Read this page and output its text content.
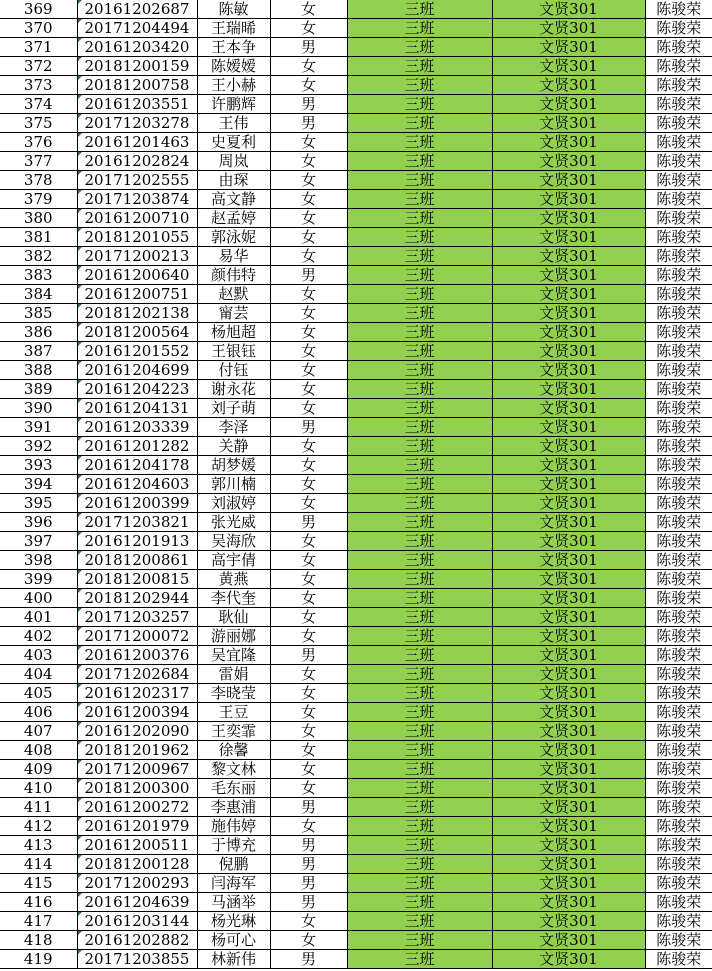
369	20161202687	陈敏	女	三班	文贤301	陈骏荣
370	20171204494	王瑞晞	女	三班	文贤301	陈骏荣
371	20161203420	王本争	男	三班	文贤301	陈骏荣
372	20181200159	陈嫒嫒	女	三班	文贤301	陈骏荣
373	20181200758	王小赫	女	三班	文贤301	陈骏荣
374	20161203551	许鹏辉	男	三班	文贤301	陈骏荣
375	20171203278	王伟	男	三班	文贤301	陈骏荣
376	20161201463	史夏利	女	三班	文贤301	陈骏荣
377	20161202824	周岚	女	三班	文贤301	陈骏荣
378	20171202555	由琛	女	三班	文贤301	陈骏荣
379	20171203874	高文静	女	三班	文贤301	陈骏荣
380	20161200710	赵孟婷	女	三班	文贤301	陈骏荣
381	20181201055	郭泳妮	女	三班	文贤301	陈骏荣
382	20171200213	易华	女	三班	文贤301	陈骏荣
383	20161200640	颜伟特	男	三班	文贤301	陈骏荣
384	20161200751	赵默	女	三班	文贤301	陈骏荣
385	20181202138	甯芸	女	三班	文贤301	陈骏荣
386	20181200564	杨旭超	女	三班	文贤301	陈骏荣
387	20161201552	王银钰	女	三班	文贤301	陈骏荣
388	20161204699	付钰	女	三班	文贤301	陈骏荣
389	20161204223	谢永花	女	三班	文贤301	陈骏荣
390	20161204131	刘子萌	女	三班	文贤301	陈骏荣
391	20161203339	李泽	男	三班	文贤301	陈骏荣
392	20161201282	关静	女	三班	文贤301	陈骏荣
393	20161204178	胡梦媛	女	三班	文贤301	陈骏荣
394	20161204603	郭川楠	女	三班	文贤301	陈骏荣
395	20161200399	刘淑婷	女	三班	文贤301	陈骏荣
396	20171203821	张光威	男	三班	文贤301	陈骏荣
397	20161201913	吴海欣	女	三班	文贤301	陈骏荣
398	20181200861	高宇倩	女	三班	文贤301	陈骏荣
399	20181200815	黄燕	女	三班	文贤301	陈骏荣
400	20181202944	李代奎	女	三班	文贤301	陈骏荣
401	20171203257	耿仙	女	三班	文贤301	陈骏荣
402	20171200072	游丽娜	女	三班	文贤301	陈骏荣
403	20161200376	吴宜隆	男	三班	文贤301	陈骏荣
404	20171202684	雷娟	女	三班	文贤301	陈骏荣
405	20161202317	李晓莹	女	三班	文贤301	陈骏荣
406	20161200394	王豆	女	三班	文贤301	陈骏荣
407	20161202090	王奕霏	女	三班	文贤301	陈骏荣
408	20181201962	徐馨	女	三班	文贤301	陈骏荣
409	20171200967	黎文林	女	三班	文贤301	陈骏荣
410	20181200300	毛东丽	女	三班	文贤301	陈骏荣
411	20161200272	李惠浦	男	三班	文贤301	陈骏荣
412	20161201979	施伟婷	女	三班	文贤301	陈骏荣
413	20161200511	于博充	男	三班	文贤301	陈骏荣
414	20181200128	倪鹏	男	三班	文贤301	陈骏荣
415	20171200293	闫海军	男	三班	文贤301	陈骏荣
416	20161204639	马涵举	男	三班	文贤301	陈骏荣
417	20161203144	杨光琳	女	三班	文贤301	陈骏荣
418	20161202882	杨可心	女	三班	文贤301	陈骏荣
419	20171203855	林新伟	男	三班	文贤301	陈骏荣
